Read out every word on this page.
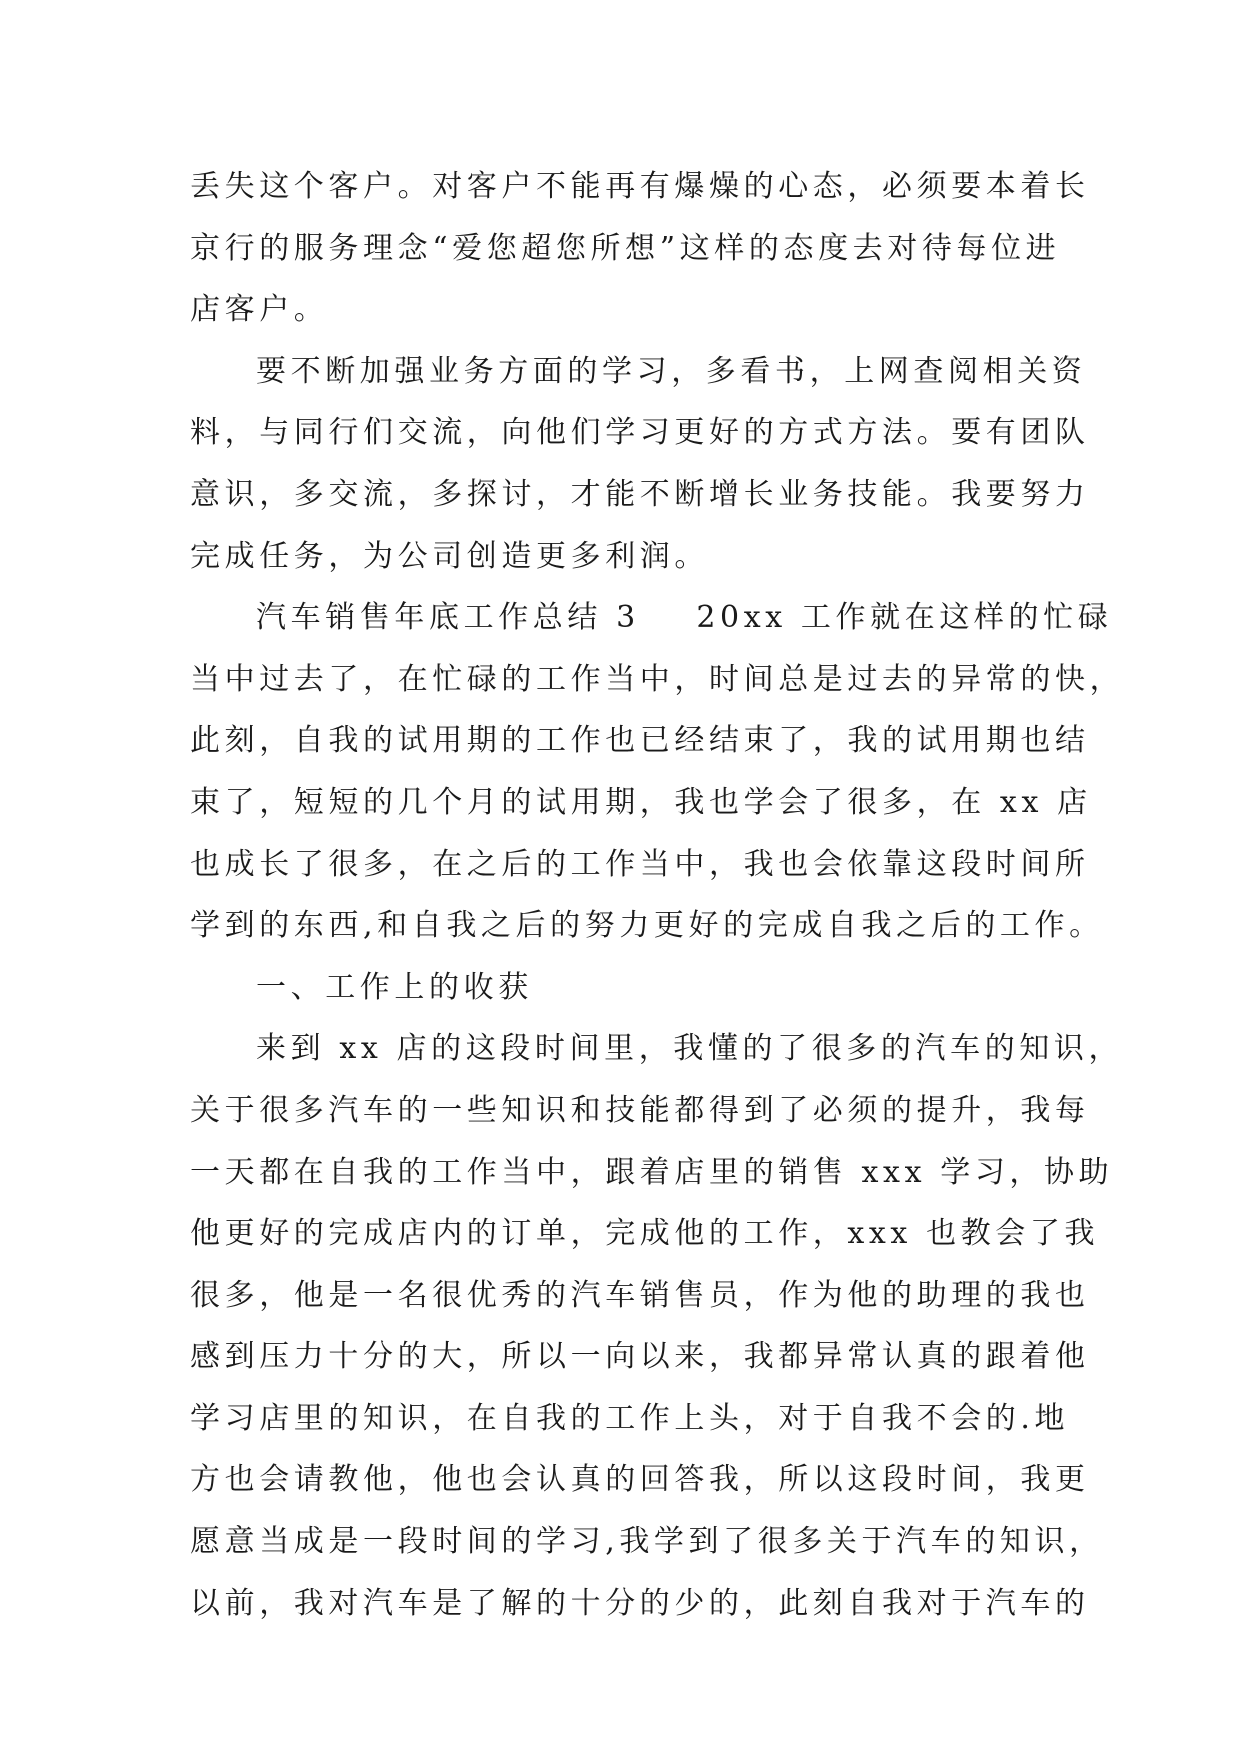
丢失这个客户。对客户不能再有爆燥的心态，必须要本着长
京行的服务理念“爱您超您所想”这样的态度去对待每位进
店客户。
要不断加强业务方面的学习，多看书，上网查阅相关资
料，与同行们交流，向他们学习更好的方式方法。要有团队
意识，多交流，多探讨，才能不断增长业务技能。我要努力
完成任务，为公司创造更多利润。
汽车销售年底工作总结 3    20xx 工作就在这样的忙碌
当中过去了，在忙碌的工作当中，时间总是过去的异常的快，
此刻，自我的试用期的工作也已经结束了，我的试用期也结
束了，短短的几个月的试用期，我也学会了很多，在 xx 店
也成长了很多，在之后的工作当中，我也会依靠这段时间所
学到的东西,和自我之后的努力更好的完成自我之后的工作。
一、工作上的收获
来到 xx 店的这段时间里，我懂的了很多的汽车的知识，
关于很多汽车的一些知识和技能都得到了必须的提升，我每
一天都在自我的工作当中，跟着店里的销售 xxx 学习，协助
他更好的完成店内的订单，完成他的工作，xxx 也教会了我
很多，他是一名很优秀的汽车销售员，作为他的助理的我也
感到压力十分的大，所以一向以来，我都异常认真的跟着他
学习店里的知识，在自我的工作上头，对于自我不会的.地
方也会请教他，他也会认真的回答我，所以这段时间，我更
愿意当成是一段时间的学习,我学到了很多关于汽车的知识，
以前，我对汽车是了解的十分的少的，此刻自我对于汽车的
